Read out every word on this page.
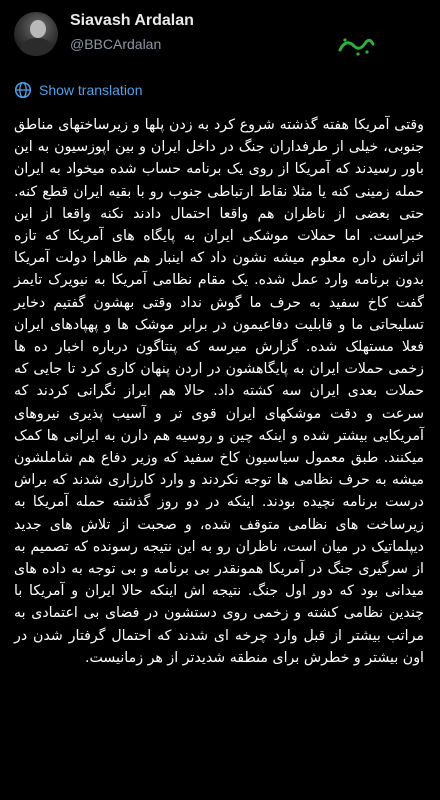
Siavash Ardalan
@BBCArdalan
Show translation

وقتی آمریکا هفته گذشته شروع کرد به زدن پلها و زیرساختهای مناطق جنوبی، خیلی از طرفداران جنگ در داخل ایران و بین اپوزسیون به این باور رسیدند که آمریکا از روی یک برنامه حساب شده میخواد به ایران حمله زمینی کنه یا مثلا نقاط ارتباطی جنوب رو با بقیه ایران قطع کنه. حتی بعضی از ناظران هم واقعا احتمال دادند نکنه واقعا از این خبراست. اما حملات موشکی ایران به پایگاه های آمریکا که تازه اثراتش داره معلوم میشه نشون داد که اینبار هم ظاهرا دولت آمریکا بدون برنامه وارد عمل شده. یک مقام نظامی آمریکا به نیویرک تایمز گفت کاخ سفید به حرف ما گوش نداد وقتی بهشون گفتیم دخایر تسلیحاتی ما و قابلیت دفاعیمون در برابر موشک ها و پهپادهای ایران فعلا مستهلک شده. گزارش میرسه که پنتاگون درباره اخبار ده ها زخمی حملات ایران به پایگاهشون در اردن پنهان کاری کرد تا جایی که حملات بعدی ایران سه کشته داد. حالا هم ابراز نگرانی کردند که سرعت و دقت موشکهای ایران قوی تر و آسیب پذیری نیروهای آمریکایی بیشتر شده و اینکه چین و روسیه هم دارن به ایرانی ها کمک میکنند. طبق معمول سیاسیون کاخ سفید که وزیر دفاع هم شاملشون میشه به حرف نظامی ها توجه نکردند و وارد کارزاری شدند که براش درست برنامه نچیده بودند. اینکه در دو روز گذشته حمله آمریکا به زیرساخت های نظامی متوقف شده، و صحبت از تلاش های جدید دیپلماتیک در میان است، ناظران رو به این نتیجه رسونده که تصمیم به از سرگیری جنگ در آمریکا همونقدر بی برنامه و بی توجه به داده های میدانی بود که دور اول جنگ. نتیجه اش اینکه حالا ایران و آمریکا با چندین نظامی کشته و زخمی روی دستشون در فضای بی اعتمادی به مراتب بیشتر از قبل وارد چرخه ای شدند که احتمال گرفتار شدن در اون بیشتر و خطرش برای منطقه شدیدتر از هر زمانیست.
